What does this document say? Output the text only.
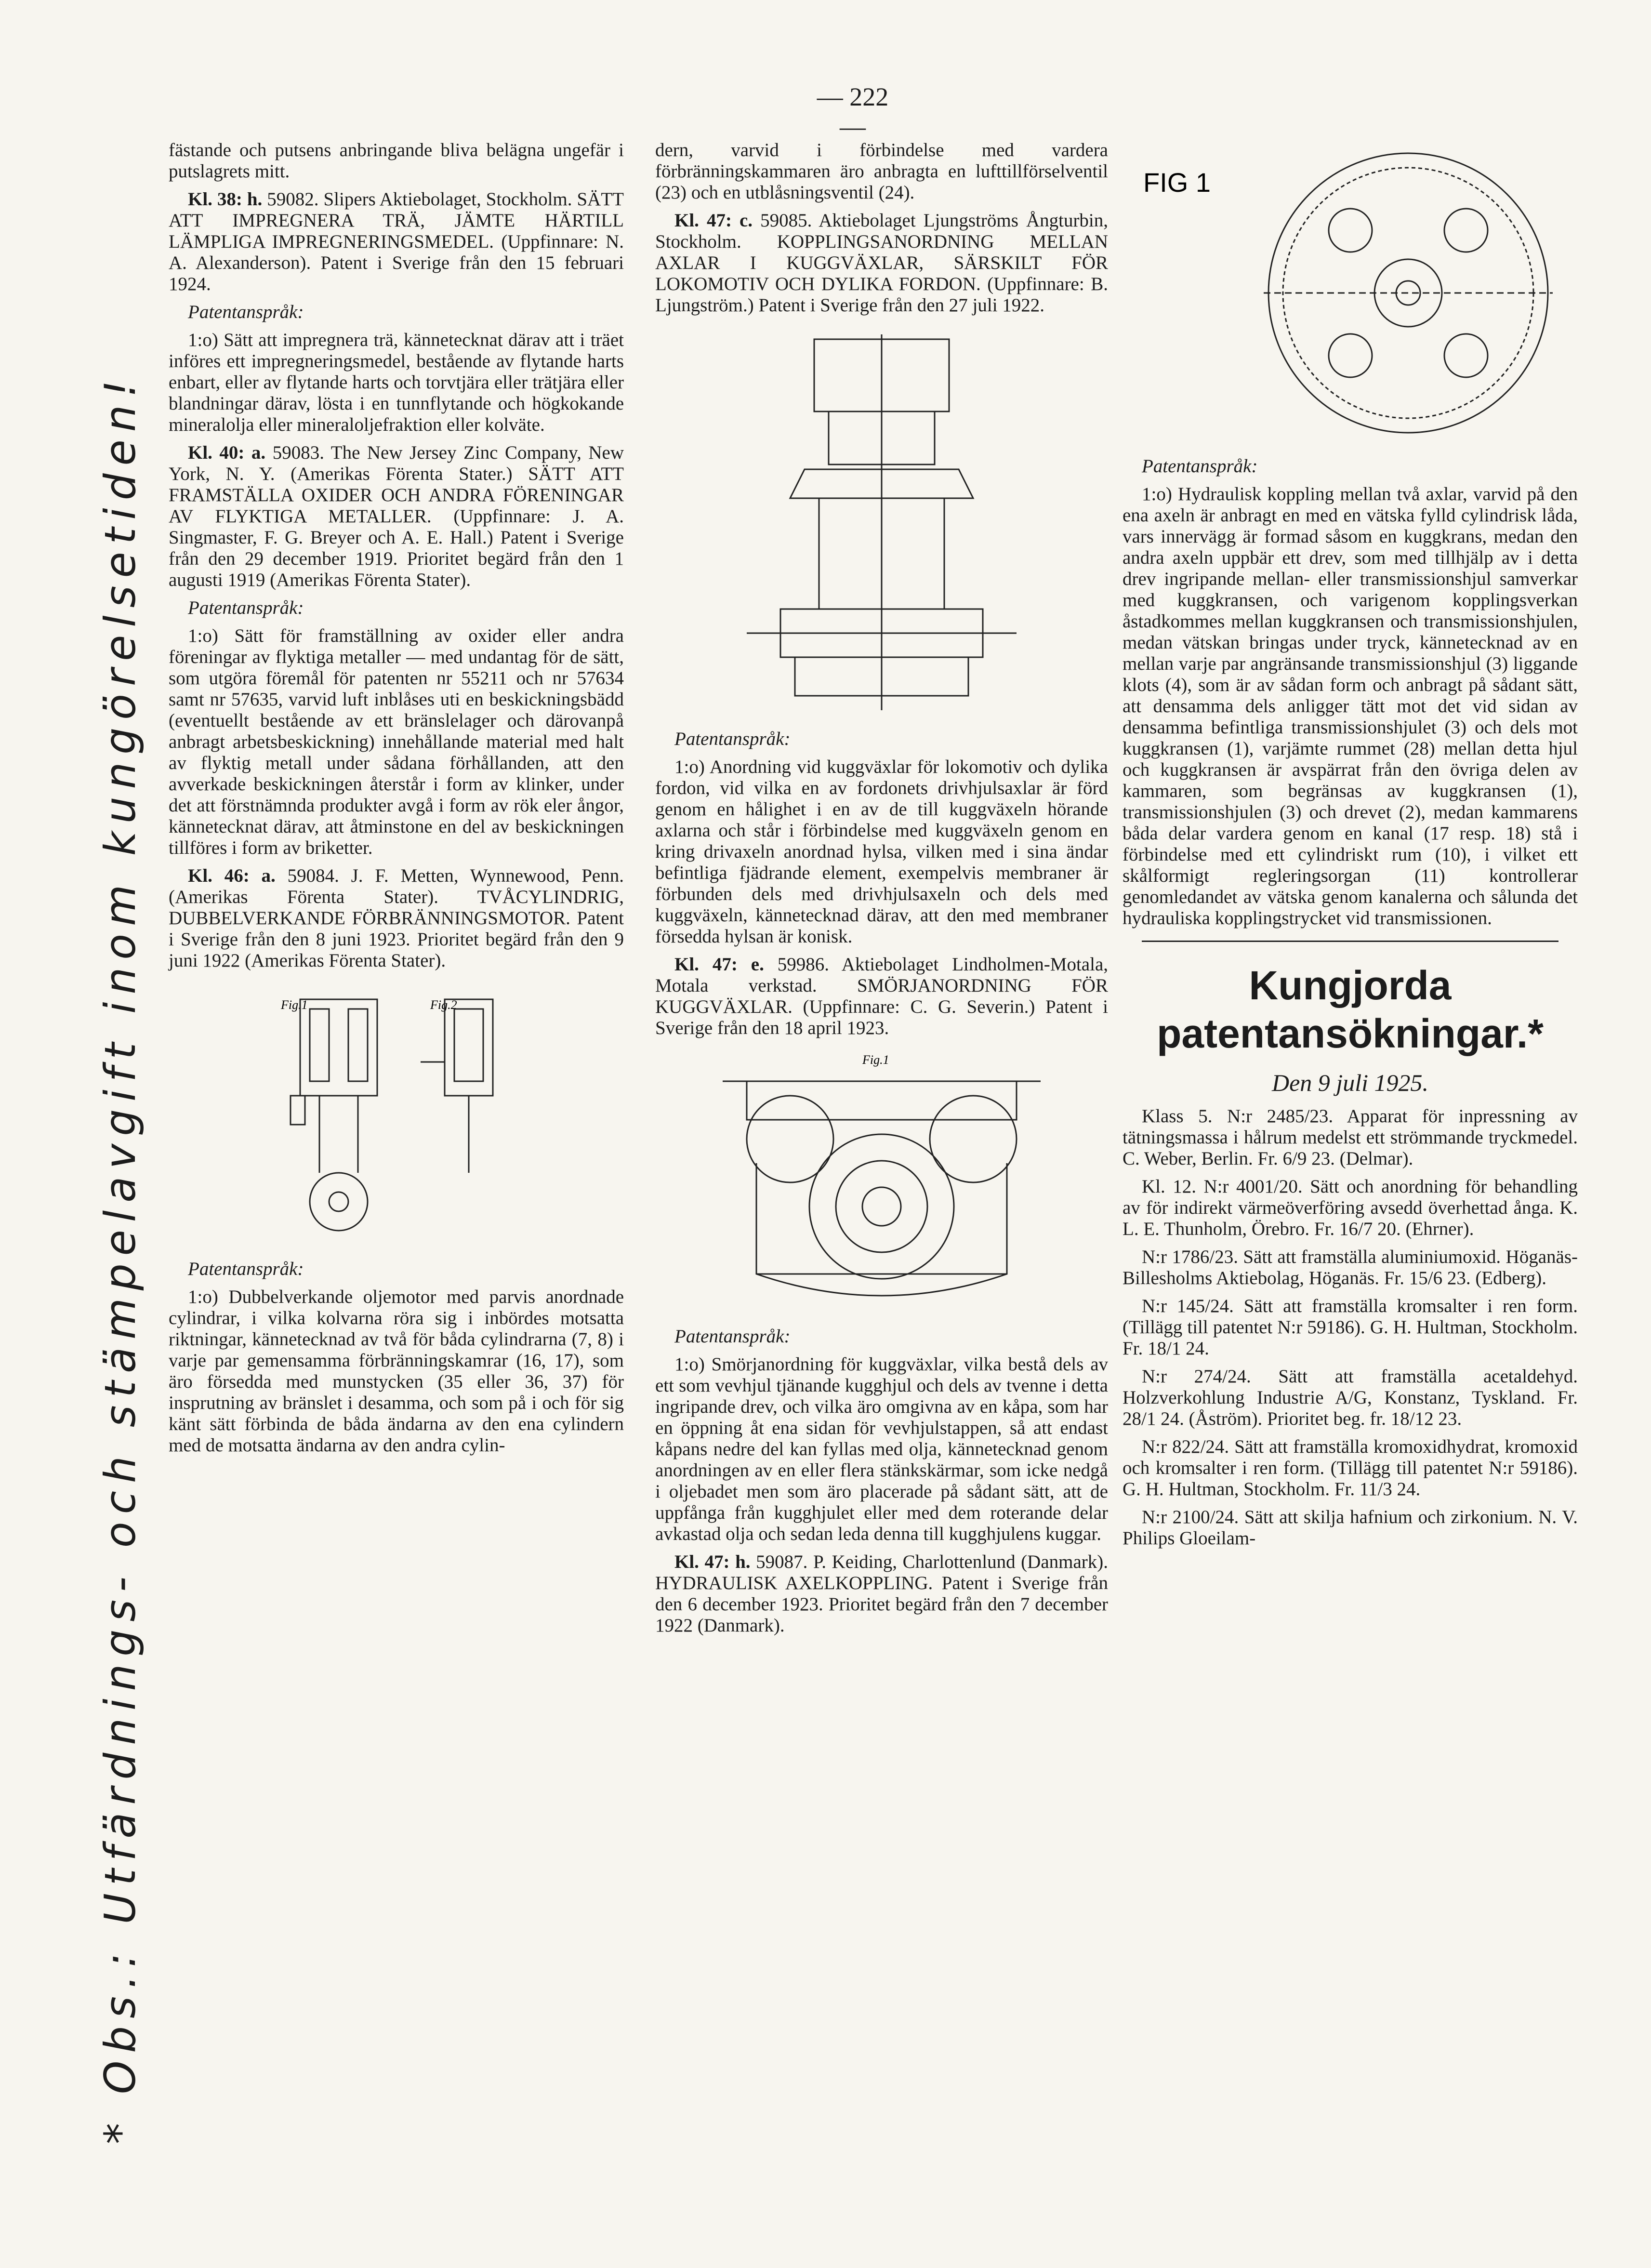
— 222 —
* Obs.: Utfärdnings- och stämpelavgift inom kungörelsetiden!

fästande och putsens anbringande bliva belägna ungefär i putslagrets mitt.

Kl. 38: h. 59082. Slipers Aktiebolaget, Stockholm. SÄTT ATT IMPREGNERA TRÄ, JÄMTE HÄRTILL LÄMPLIGA IMPREGNERINGSMEDEL. (Uppfinnare: N. A. Alexanderson). Patent i Sverige från den 15 februari 1924.

Patentanspråk:

1:o) Sätt att impregnera trä, kännetecknat därav att i träet införes ett impregneringsmedel, bestående av flytande harts enbart, eller av flytande harts och torvtjära eller trätjära eller blandningar därav, lösta i en tunnflytande och högkokande mineralolja eller mineraloljefraktion eller kolväte.

Kl. 40: a. 59083. The New Jersey Zinc Company, New York, N. Y. (Amerikas Förenta Stater.) SÄTT ATT FRAMSTÄLLA OXIDER OCH ANDRA FÖRENINGAR AV FLYKTIGA METALLER. (Uppfinnare: J. A. Singmaster, F. G. Breyer och A. E. Hall.) Patent i Sverige från den 29 december 1919. Prioritet begärd från den 1 augusti 1919 (Amerikas Förenta Stater).

Patentanspråk:

1:o) Sätt för framställning av oxider eller andra föreningar av flyktiga metaller — med undantag för de sätt, som utgöra föremål för patenten nr 55211 och nr 57634 samt nr 57635, varvid luft inblåses uti en beskickningsbädd (eventuellt bestående av ett bränslelager och därovanpå anbragt arbetsbeskickning) innehållande material med halt av flyktig metall under sådana förhållanden, att den avverkade beskickningen återstår i form av klinker, under det att förstnämnda produkter avgå i form av rök eler ångor, kännetecknat därav, att åtminstone en del av beskickningen tillföres i form av briketter.

Kl. 46: a. 59084. J. F. Metten, Wynnewood, Penn. (Amerikas Förenta Stater). TVÅCYLINDRIG, DUBBELVERKANDE FÖRBRÄNNINGSMOTOR. Patent i Sverige från den 8 juni 1923. Prioritet begärd från den 9 juni 1922 (Amerikas Förenta Stater).

Fig.1	Fig.2

Patentanspråk:

1:o) Dubbelverkande oljemotor med parvis anordnade cylindrar, i vilka kolvarna röra sig i inbördes motsatta riktningar, kännetecknad av två för båda cylindrarna (7, 8) i varje par gemensamma förbränningskamrar (16, 17), som äro försedda med munstycken (35 eller 36, 37) för insprutning av bränslet i desamma, och som på i och för sig känt sätt förbinda de båda ändarna av den ena cylindern med de motsatta ändarna av den andra cylin-

dern, varvid i förbindelse med vardera förbränningskammaren äro anbragta en lufttillförselventil (23) och en utblåsningsventil (24).

Kl. 47: c. 59085. Aktiebolaget Ljungströms Ångturbin, Stockholm. KOPPLINGSANORDNING MELLAN AXLAR I KUGGVÄXLAR, SÄRSKILT FÖR LOKOMOTIV OCH DYLIKA FORDON. (Uppfinnare: B. Ljungström.) Patent i Sverige från den 27 juli 1922.

Patentanspråk:

1:o) Anordning vid kuggväxlar för lokomotiv och dylika fordon, vid vilka en av fordonets drivhjulsaxlar är förd genom en hålighet i en av de till kuggväxeln hörande axlarna och står i förbindelse med kuggväxeln genom en kring drivaxeln anordnad hylsa, vilken med i sina ändar befintliga fjädrande element, exempelvis membraner är förbunden dels med drivhjulsaxeln och dels med kuggväxeln, kännetecknad därav, att den med membraner försedda hylsan är konisk.

Kl. 47: e. 59986. Aktiebolaget Lindholmen-Motala, Motala verkstad. SMÖRJANORDNING FÖR KUGGVÄXLAR. (Uppfinnare: C. G. Severin.) Patent i Sverige från den 18 april 1923.

Fig.1

Patentanspråk:

1:o) Smörjanordning för kuggväxlar, vilka bestå dels av ett som vevhjul tjänande kugghjul och dels av tvenne i detta ingripande drev, och vilka äro omgivna av en kåpa, som har en öppning åt ena sidan för vevhjulstappen, så att endast kåpans nedre del kan fyllas med olja, kännetecknad genom anordningen av en eller flera stänkskärmar, som icke nedgå i oljebadet men som äro placerade på sådant sätt, att de uppfånga från kugghjulet eller med dem roterande delar avkastad olja och sedan leda denna till kugghjulens kuggar.

Kl. 47: h. 59087. P. Keiding, Charlottenlund (Danmark). HYDRAULISK AXELKOPPLING. Patent i Sverige från den 6 december 1923. Prioritet begärd från den 7 december 1922 (Danmark).

FIG 1

Patentanspråk:

1:o) Hydraulisk koppling mellan två axlar, varvid på den ena axeln är anbragt en med en vätska fylld cylindrisk låda, vars innervägg är formad såsom en kuggkrans, medan den andra axeln uppbär ett drev, som med tillhjälp av i detta drev ingripande mellan- eller transmissionshjul samverkar med kuggkransen, och varigenom kopplingsverkan åstadkommes mellan kuggkransen och transmissionshjulen, medan vätskan bringas under tryck, kännetecknad av en mellan varje par angränsande transmissionshjul (3) liggande klots (4), som är av sådan form och anbragt på sådant sätt, att densamma dels anligger tätt mot det vid sidan av densamma befintliga transmissionshjulet (3) och dels mot kuggkransen (1), varjämte rummet (28) mellan detta hjul och kuggkransen är avspärrat från den övriga delen av kammaren, som begränsas av kuggkransen (1), transmissionshjulen (3) och drevet (2), medan kammarens båda delar vardera genom en kanal (17 resp. 18) stå i förbindelse med ett cylindriskt rum (10), i vilket ett skålformigt regleringsorgan (11) kontrollerar genomledandet av vätska genom kanalerna och sålunda det hydrauliska kopplingstrycket vid transmissionen.

Kungjorda patentansökningar.*
Den 9 juli 1925.

Klass 5. N:r 2485/23. Apparat för inpressning av tätningsmassa i hålrum medelst ett strömmande tryckmedel. C. Weber, Berlin. Fr. 6/9 23. (Delmar).

Kl. 12. N:r 4001/20. Sätt och anordning för behandling av för indirekt värmeöverföring avsedd överhettad ånga. K. L. E. Thunholm, Örebro. Fr. 16/7 20. (Ehrner).

N:r 1786/23. Sätt att framställa aluminiumoxid. Höganäs-Billesholms Aktiebolag, Höganäs. Fr. 15/6 23. (Edberg).

N:r 145/24. Sätt att framställa kromsalter i ren form. (Tillägg till patentet N:r 59186). G. H. Hultman, Stockholm. Fr. 18/1 24.

N:r 274/24. Sätt att framställa acetaldehyd. Holzverkohlung Industrie A/G, Konstanz, Tyskland. Fr. 28/1 24. (Åström). Prioritet beg. fr. 18/12 23.

N:r 822/24. Sätt att framställa kromoxidhydrat, kromoxid och kromsalter i ren form. (Tillägg till patentet N:r 59186). G. H. Hultman, Stockholm. Fr. 11/3 24.

N:r 2100/24. Sätt att skilja hafnium och zirkonium. N. V. Philips Gloeilam-
